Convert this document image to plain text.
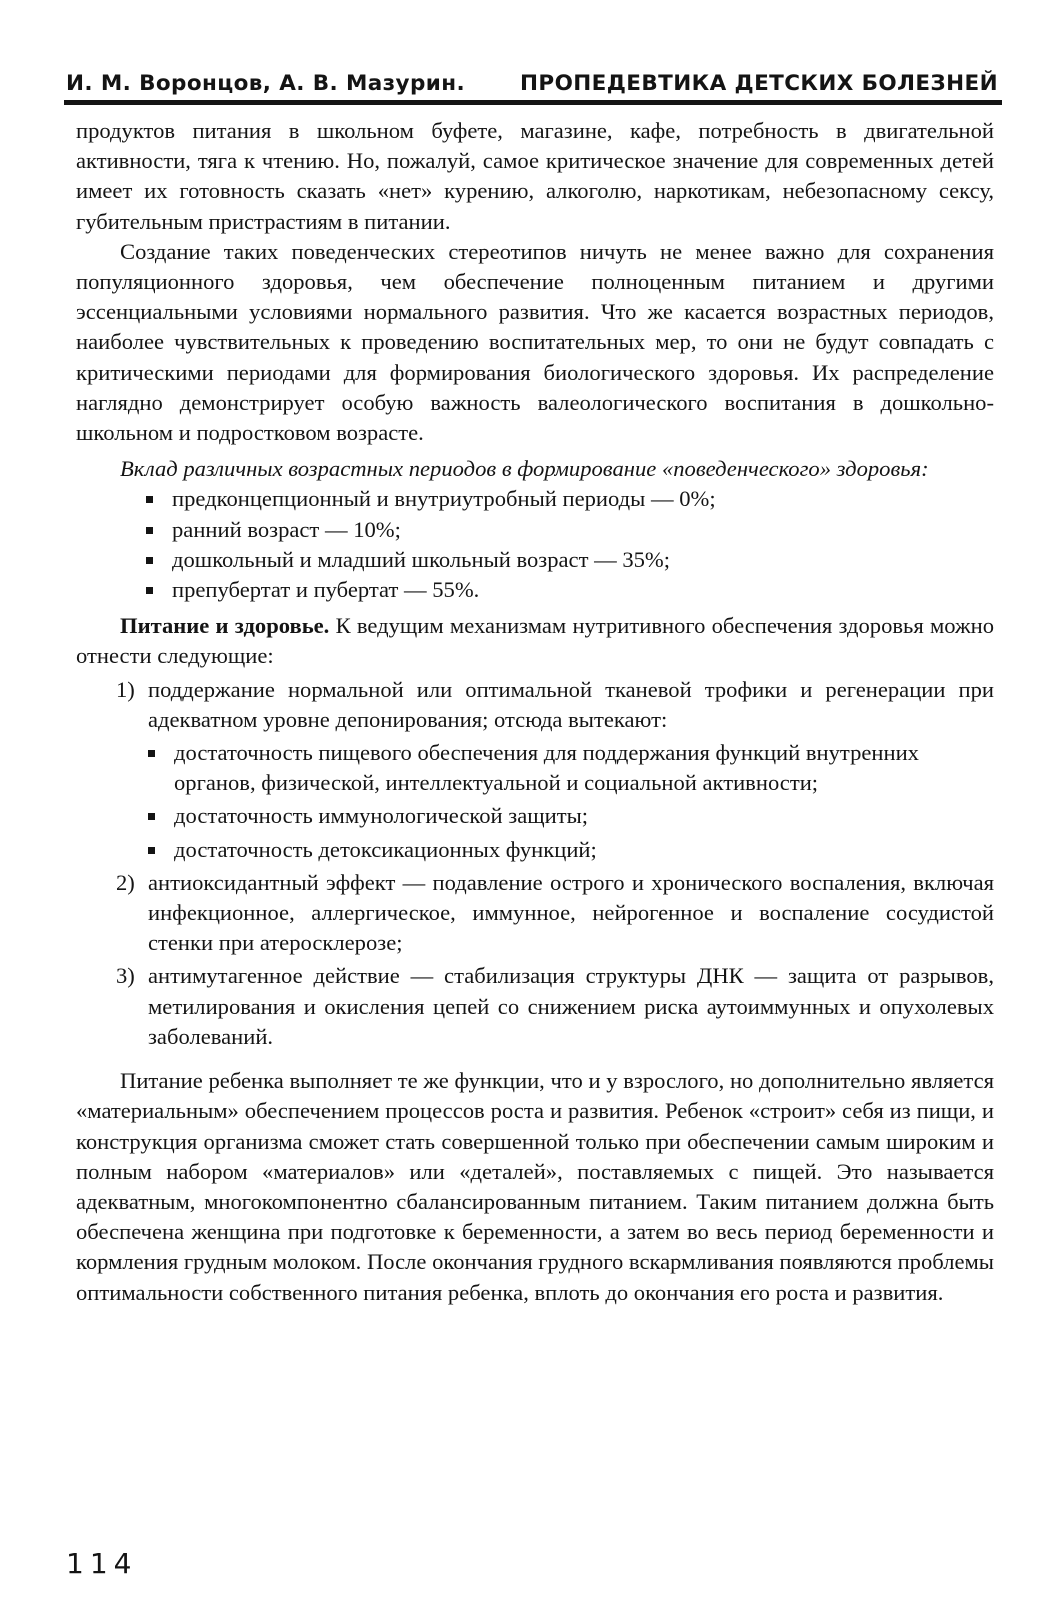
И. М. Воронцов, А. В. Мазурин.	ПРОПЕДЕВТИКА ДЕТСКИХ БОЛЕЗНЕЙ

продуктов питания в школьном буфете, магазине, кафе, потребность в двигательной активности, тяга к чтению. Но, пожалуй, самое критическое значение для современных детей имеет их готовность сказать «нет» курению, алкоголю, наркотикам, небезопасному сексу, губительным пристрастиям в питании.

Создание таких поведенческих стереотипов ничуть не менее важно для сохранения популяционного здоровья, чем обеспечение полноценным питанием и другими эссенциальными условиями нормального развития. Что же касается возрастных периодов, наиболее чувствительных к проведению воспитательных мер, то они не будут совпадать с критическими периодами для формирования биологического здоровья. Их распределение наглядно демонстрирует особую важность валеологического воспитания в дошкольно-школьном и подростковом возрасте.

Вклад различных возрастных периодов в формирование «поведенческого» здоровья:

предконцепционный и внутриутробный периоды — 0%;
ранний возраст — 10%;
дошкольный и младший школьный возраст — 35%;
препубертат и пубертат — 55%.

Питание и здоровье. К ведущим механизмам нутритивного обеспечения здоровья можно отнести следующие:

1) поддержание нормальной или оптимальной тканевой трофики и регенерации при адекватном уровне депонирования; отсюда вытекают:

достаточность пищевого обеспечения для поддержания функций внутренних органов, физической, интеллектуальной и социальной активности;
достаточность иммунологической защиты;
достаточность детоксикационных функций;
2) антиоксидантный эффект — подавление острого и хронического воспаления, включая инфекционное, аллергическое, иммунное, нейрогенное и воспаление сосудистой стенки при атеросклерозе;

3) антимутагенное действие — стабилизация структуры ДНК — защита от разрывов, метилирования и окисления цепей со снижением риска аутоиммунных и опухолевых заболеваний.

Питание ребенка выполняет те же функции, что и у взрослого, но дополнительно является «материальным» обеспечением процессов роста и развития. Ребенок «строит» себя из пищи, и конструкция организма сможет стать совершенной только при обеспечении самым широким и полным набором «материалов» или «деталей», поставляемых с пищей. Это называется адекватным, многокомпонентно сбалансированным питанием. Таким питанием должна быть обеспечена женщина при подготовке к беременности, а затем во весь период беременности и кормления грудным молоком. После окончания грудного вскармливания появляются проблемы оптимальности собственного питания ребенка, вплоть до окончания его роста и развития.

114
